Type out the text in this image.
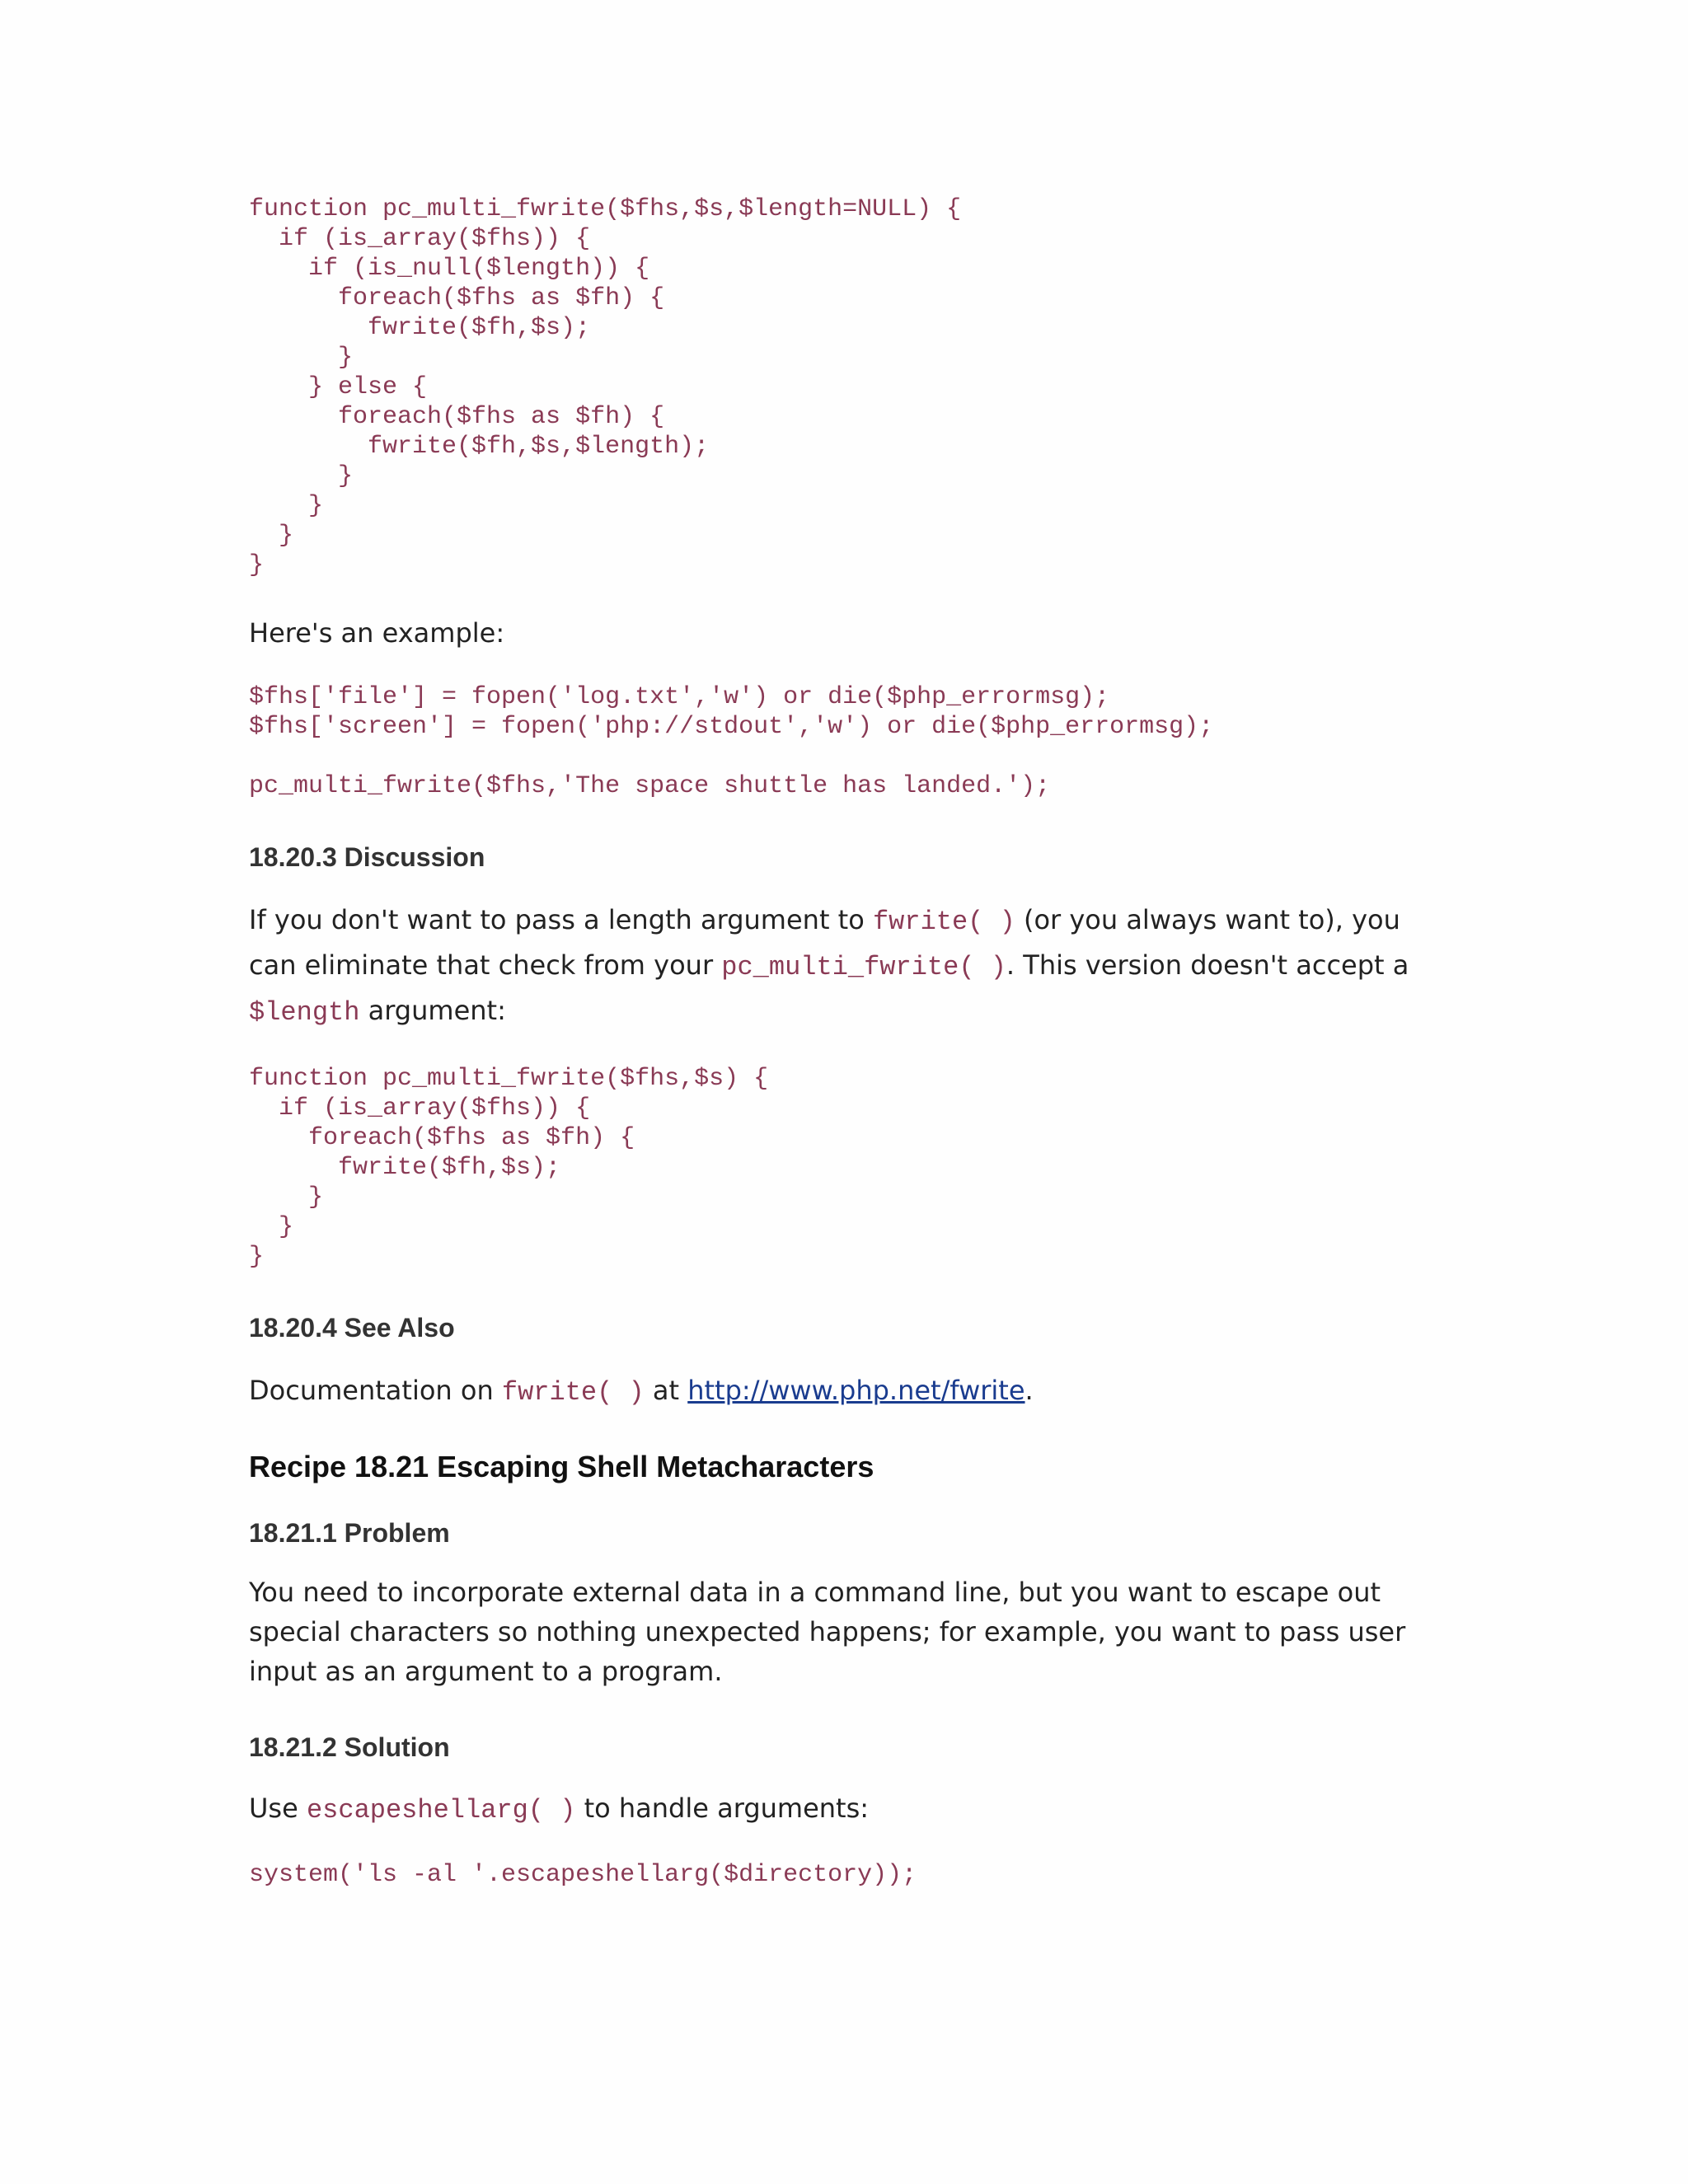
function pc_multi_fwrite($fhs,$s,$length=NULL) {
if (is_array($fhs)) {
if (is_null($length)) {
foreach($fhs as $fh) {
fwrite($fh,$s);
}
} else {
foreach($fhs as $fh) {
fwrite($fh,$s,$length);
}
}
}
}

Here's an example:

$fhs['file'] = fopen('log.txt','w') or die($php_errormsg);
$fhs['screen'] = fopen('php://stdout','w') or die($php_errormsg);

pc_multi_fwrite($fhs,'The space shuttle has landed.');
18.20.3 Discussion

If you don't want to pass a length argument to fwrite( ) (or you always want to), you can eliminate that check from your pc_multi_fwrite( ). This version doesn't accept a $length argument:

function pc_multi_fwrite($fhs,$s) {
if (is_array($fhs)) {
foreach($fhs as $fh) {
fwrite($fh,$s);
}
}
}
18.20.4 See Also

Documentation on fwrite( ) at http://www.php.net/fwrite.

Recipe 18.21 Escaping Shell Metacharacters
18.21.1 Problem

You need to incorporate external data in a command line, but you want to escape out special characters so nothing unexpected happens; for example, you want to pass user input as an argument to a program.

18.21.2 Solution

Use escapeshellarg( ) to handle arguments:

system('ls -al '.escapeshellarg($directory));
